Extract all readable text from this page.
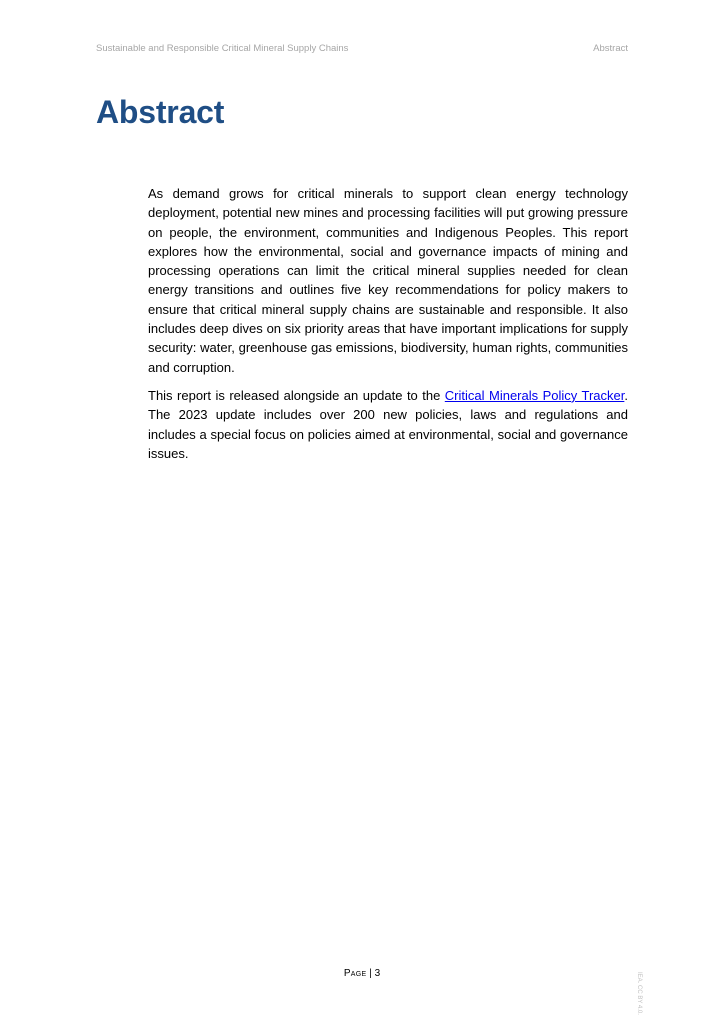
Sustainable and Responsible Critical Mineral Supply Chains	Abstract
Abstract

As demand grows for critical minerals to support clean energy technology deployment, potential new mines and processing facilities will put growing pressure on people, the environment, communities and Indigenous Peoples. This report explores how the environmental, social and governance impacts of mining and processing operations can limit the critical mineral supplies needed for clean energy transitions and outlines five key recommendations for policy makers to ensure that critical mineral supply chains are sustainable and responsible. It also includes deep dives on six priority areas that have important implications for supply security: water, greenhouse gas emissions, biodiversity, human rights, communities and corruption.

This report is released alongside an update to the Critical Minerals Policy Tracker. The 2023 update includes over 200 new policies, laws and regulations and includes a special focus on policies aimed at environmental, social and governance issues.

Page | 3	IEA. CC BY 4.0.
